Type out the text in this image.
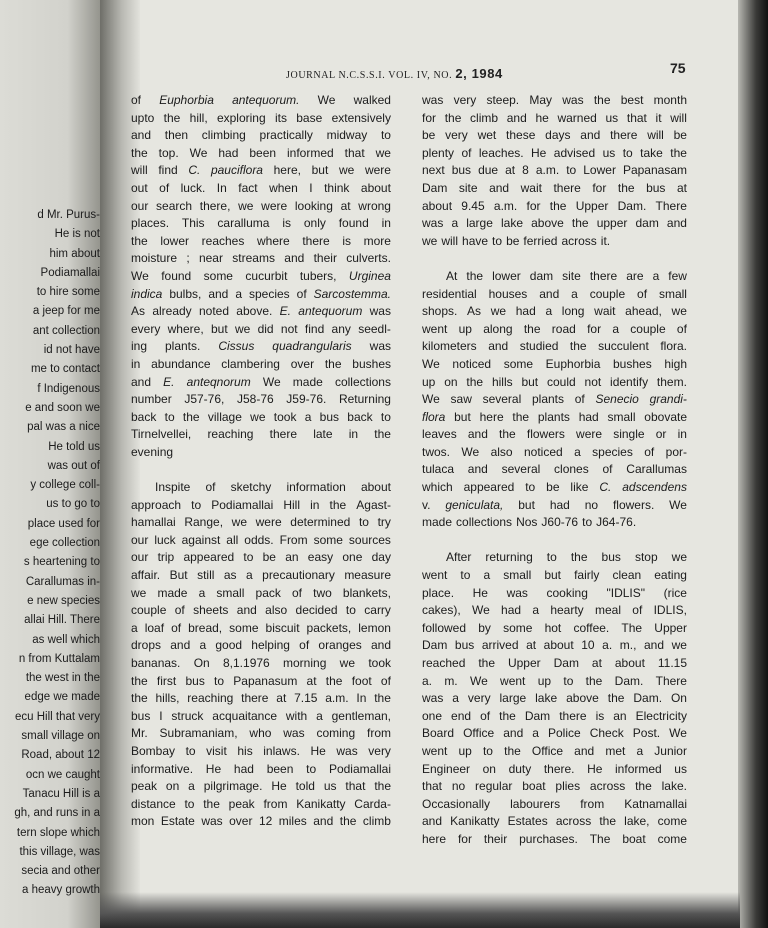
d Mr. Purus-
He is not
him about
Podiamallai
to hire some
a jeep for me
ant collection
id not have
me to contact
f Indigenous
e and soon we
pal was a nice
He told us
was out of
y college coll-
us to go to
place used for
ege collection
s heartening to
Carallumas in-
e new species
allai Hill. There
as well which
n from Kuttalam
the west in the
edge we made
ecu Hill that very
small village on
Road, about 12
ocn we caught
Tanacu Hill is a
gh, and runs in a
tern slope which
this village, was
secia and other
a heavy growth
JOURNAL N.C.S.S.I. VOL. IV, NO. 2, 1984	75
of Euphorbia antequorum. We walked
upto the hill, exploring its base extensively
and then climbing practically midway to
the top. We had been informed that we
will find C. pauciflora here, but we were
out of luck. In fact when I think about
our search there, we were looking at wrong
places. This caralluma is only found in
the lower reaches where there is more
moisture ; near streams and their culverts.
We found some cucurbit tubers, Urginea
indica bulbs, and a species of Sarcostemma.
As already noted above. E. antequorum was
every where, but we did not find any seedl-
ing plants. Cissus quadrangularis was
in abundance clambering over the bushes
and E. anteqnorum We made collections
number J57-76, J58-76 J59-76. Returning
back to the village we took a bus back to
Tirnelvellei, reaching there late in the
evening
Inspite of sketchy information about
approach to Podiamallai Hill in the Agast-
hamallai Range, we were determined to try
our luck against all odds. From some sources
our trip appeared to be an easy one day
affair. But still as a precautionary measure
we made a small pack of two blankets,
couple of sheets and also decided to carry
a loaf of bread, some biscuit packets, lemon
drops and a good helping of oranges and
bananas. On 8,1.1976 morning we took
the first bus to Papanasum at the foot of
the hills, reaching there at 7.15 a.m. In the
bus I struck acquaitance with a gentleman,
Mr. Subramaniam, who was coming from
Bombay to visit his inlaws. He was very
informative. He had been to Podiamallai
peak on a pilgrimage. He told us that the
distance to the peak from Kanikatty Carda-
mon Estate was over 12 miles and the climb
was very steep. May was the best month
for the climb and he warned us that it will
be very wet these days and there will be
plenty of leaches. He advised us to take the
next bus due at 8 a.m. to Lower Papanasam
Dam site and wait there for the bus at
about 9.45 a.m. for the Upper Dam. There
was a large lake above the upper dam and
we will have to be ferried across it.
At the lower dam site there are a few
residential houses and a couple of small
shops. As we had a long wait ahead, we
went up along the road for a couple of
kilometers and studied the succulent flora.
We noticed some Euphorbia bushes high
up on the hills but could not identify them.
We saw several plants of Senecio grandi-
flora but here the plants had small obovate
leaves and the flowers were single or in
twos. We also noticed a species of por-
tulaca and several clones of Carallumas
which appeared to be like C. adscendens
v. geniculata, but had no flowers. We
made collections Nos J60-76 to J64-76.
After returning to the bus stop we
went to a small but fairly clean eating
place. He was cooking "IDLIS" (rice
cakes), We had a hearty meal of IDLIS,
followed by some hot coffee. The Upper
Dam bus arrived at about 10 a. m., and we
reached the Upper Dam at about 11.15
a. m. We went up to the Dam. There
was a very large lake above the Dam. On
one end of the Dam there is an Electricity
Board Office and a Police Check Post. We
went up to the Office and met a Junior
Engineer on duty there. He informed us
that no regular boat plies across the lake.
Occasionally labourers from Katnamallai
and Kanikatty Estates across the lake, come
here for their purchases. The boat come
